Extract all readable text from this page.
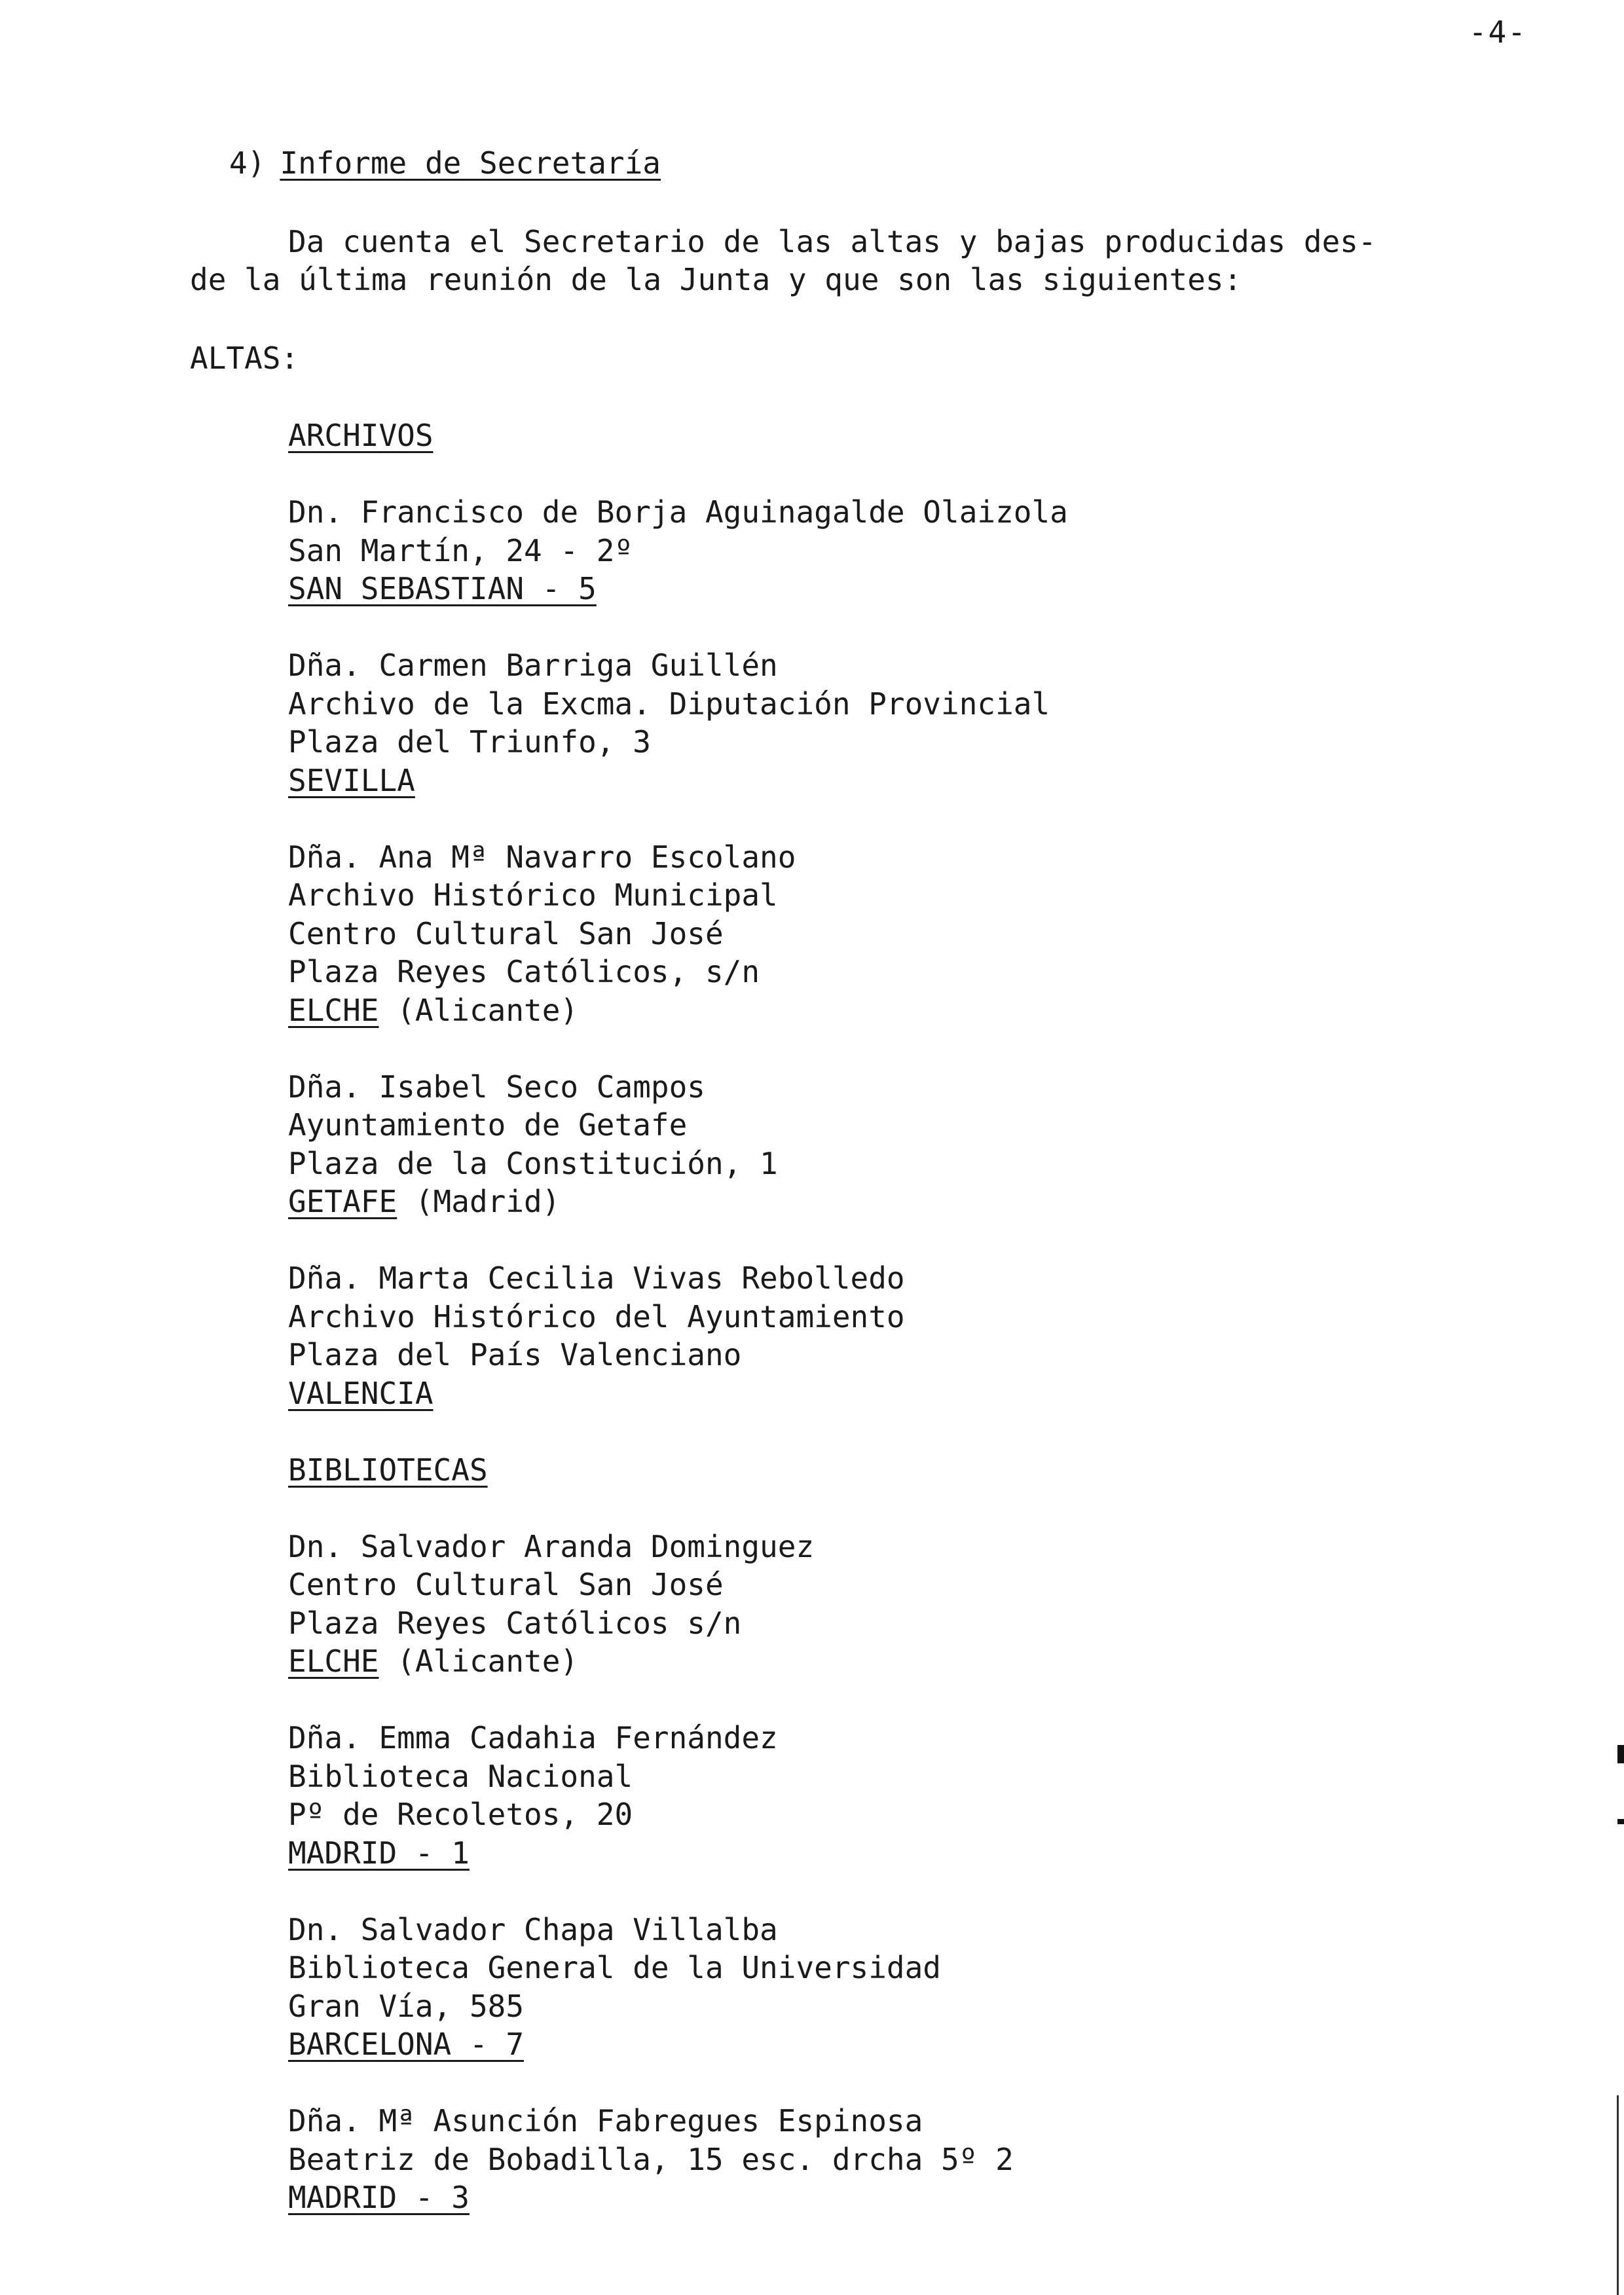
-4-
4) Informe de Secretaría
Da cuenta el Secretario de las altas y bajas producidas des-
de la última reunión de la Junta y que son las siguientes:
ALTAS:
ARCHIVOS
Dn. Francisco de Borja Aguinagalde Olaizola
San Martín, 24 - 2º
SAN SEBASTIAN - 5
Dña. Carmen Barriga Guillén
Archivo de la Excma. Diputación Provincial
Plaza del Triunfo, 3
SEVILLA
Dña. Ana Mª Navarro Escolano
Archivo Histórico Municipal
Centro Cultural San José
Plaza Reyes Católicos, s/n
ELCHE (Alicante)
Dña. Isabel Seco Campos
Ayuntamiento de Getafe
Plaza de la Constitución, 1
GETAFE (Madrid)
Dña. Marta Cecilia Vivas Rebolledo
Archivo Histórico del Ayuntamiento
Plaza del País Valenciano
VALENCIA
BIBLIOTECAS
Dn. Salvador Aranda Dominguez
Centro Cultural San José
Plaza Reyes Católicos s/n
ELCHE (Alicante)
Dña. Emma Cadahia Fernández
Biblioteca Nacional
Pº de Recoletos, 20
MADRID - 1
Dn. Salvador Chapa Villalba
Biblioteca General de la Universidad
Gran Vía, 585
BARCELONA - 7
Dña. Mª Asunción Fabregues Espinosa
Beatriz de Bobadilla, 15 esc. drcha 5º 2
MADRID - 3
